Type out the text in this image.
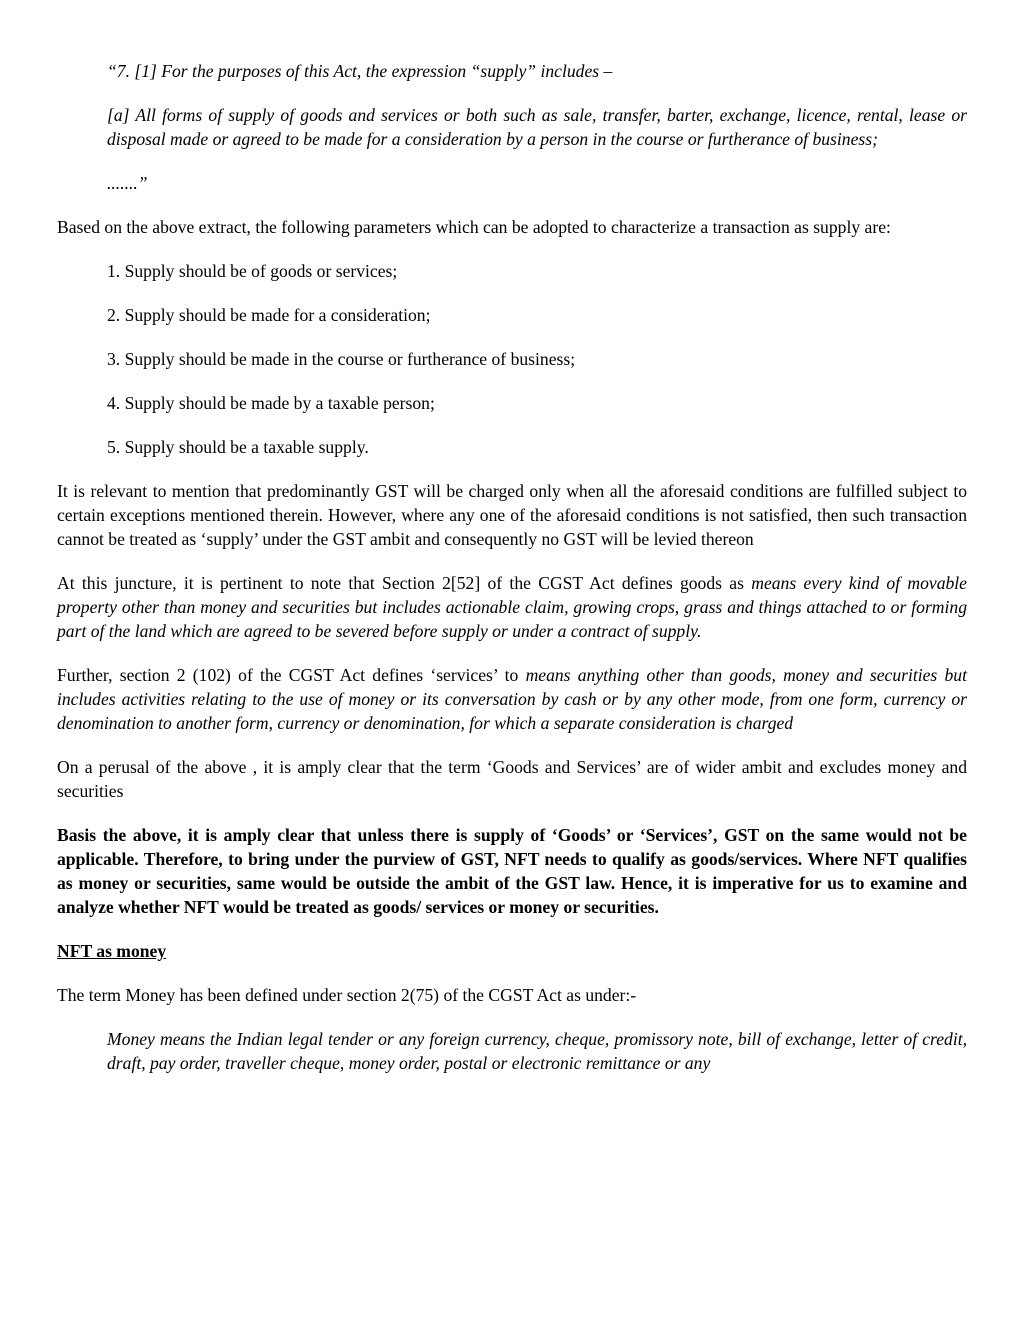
“7. [1] For the purposes of this Act, the expression “supply” includes –

[a] All forms of supply of goods and services or both such as sale, transfer, barter, exchange, licence, rental, lease or disposal made or agreed to be made for a consideration by a person in the course or furtherance of business;

.......”

Based on the above extract, the following parameters which can be adopted to characterize a transaction as supply are:

1. Supply should be of goods or services;

2. Supply should be made for a consideration;

3. Supply should be made in the course or furtherance of business;

4. Supply should be made by a taxable person;

5. Supply should be a taxable supply.

It is relevant to mention that predominantly GST will be charged only when all the aforesaid conditions are fulfilled subject to certain exceptions mentioned therein. However, where any one of the aforesaid conditions is not satisfied, then such transaction cannot be treated as ‘supply’ under the GST ambit and consequently no GST will be levied thereon

At this juncture, it is pertinent to note that Section 2[52] of the CGST Act defines goods as means every kind of movable property other than money and securities but includes actionable claim, growing crops, grass and things attached to or forming part of the land which are agreed to be severed before supply or under a contract of supply.

Further, section 2 (102) of the CGST Act defines ‘services’ to means anything other than goods, money and securities but includes activities relating to the use of money or its conversation by cash or by any other mode, from one form, currency or denomination to another form, currency or denomination, for which a separate consideration is charged

On a perusal of the above , it is amply clear that the term ‘Goods and Services’ are of wider ambit and excludes money and securities

Basis the above, it is amply clear that unless there is supply of ‘Goods’ or ‘Services’, GST on the same would not be applicable. Therefore, to bring under the purview of GST, NFT needs to qualify as goods/services. Where NFT qualifies as money or securities, same would be outside the ambit of the GST law. Hence, it is imperative for us to examine and analyze whether NFT would be treated as goods/ services or money or securities.

NFT as money

The term Money has been defined under section 2(75) of the CGST Act as under:-

Money means the Indian legal tender or any foreign currency, cheque, promissory note, bill of exchange, letter of credit, draft, pay order, traveller cheque, money order, postal or electronic remittance or any
